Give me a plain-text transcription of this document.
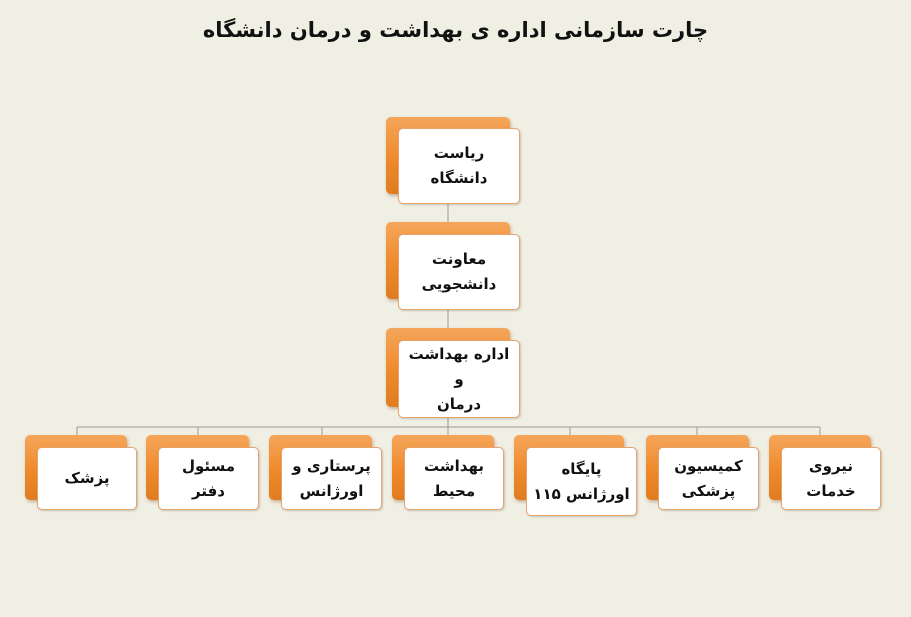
چارت سازمانی اداره ی بهداشت و درمان دانشگاه
ریاست دانشگاه
معاونت
دانشجویی
اداره بهداشت و
درمان
نیروی
خدمات
کمیسیون
پزشکی
پایگاه
اورژانس ۱۱۵
بهداشت
محیط
پرستاری و
اورژانس
مسئول دفتر
پزشک
